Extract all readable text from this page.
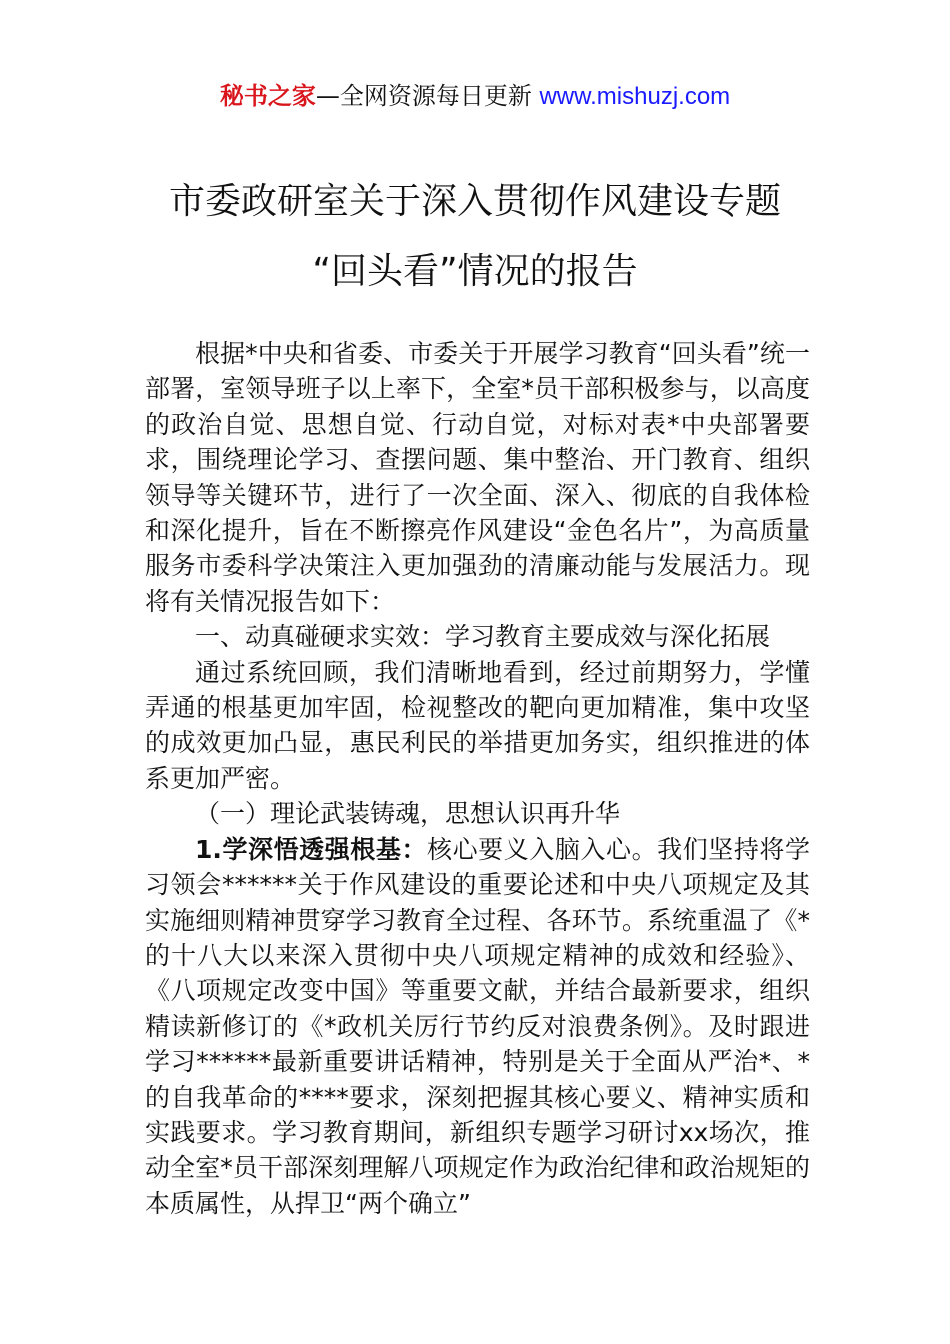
秘书之家—全网资源每日更新 www.mishuzj.com
市委政研室关于深入贯彻作风建设专题
“回头看”情况的报告

根据*中央和省委、市委关于开展学习教育“回头看”统一部署，室领导班子以上率下，全室*员干部积极参与，以高度的政治自觉、思想自觉、行动自觉，对标对表*中央部署要求，围绕理论学习、查摆问题、集中整治、开门教育、组织领导等关键环节，进行了一次全面、深入、彻底的自我体检和深化提升，旨在不断擦亮作风建设“金色名片”，为高质量服务市委科学决策注入更加强劲的清廉动能与发展活力。现将有关情况报告如下：

一、动真碰硬求实效：学习教育主要成效与深化拓展

通过系统回顾，我们清晰地看到，经过前期努力，学懂弄通的根基更加牢固，检视整改的靶向更加精准，集中攻坚的成效更加凸显，惠民利民的举措更加务实，组织推进的体系更加严密。

（一）理论武装铸魂，思想认识再升华

1.学深悟透强根基：核心要义入脑入心。我们坚持将学习领会******关于作风建设的重要论述和中央八项规定及其实施细则精神贯穿学习教育全过程、各环节。系统重温了《*的十八大以来深入贯彻中央八项规定精神的成效和经验》、《八项规定改变中国》等重要文献，并结合最新要求，组织精读新修订的《*政机关厉行节约反对浪费条例》。及时跟进学习******最新重要讲话精神，特别是关于全面从严治*、*的自我革命的****要求，深刻把握其核心要义、精神实质和实践要求。学习教育期间，新组织专题学习研讨xx场次，推动全室*员干部深刻理解八项规定作为政治纪律和政治规矩的本质属性，从捍卫“两个确立”
